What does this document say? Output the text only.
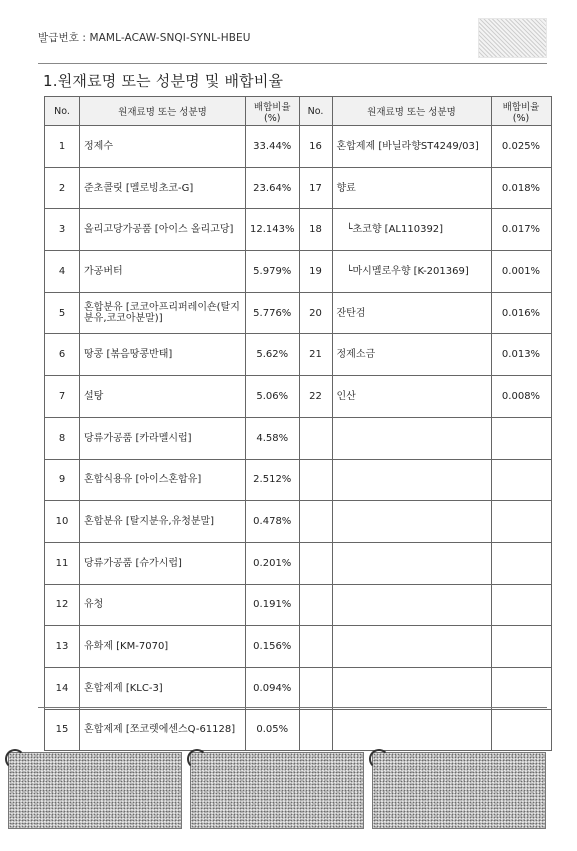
발급번호 : MAML-ACAW-SNQI-SYNL-HBEU
1.원재료명 또는 성분명 및 배합비율
No.	원재료명 또는 성분명	배합비율 (%)	No.	원재료명 또는 성분명	배합비율 (%)
1	정제수	33.44%	16	혼합제제 [바닐라향ST4249/03]	0.025%
2	준초콜릿 [멜로빙초코-G]	23.64%	17	향료	0.018%
3	올리고당가공품 [아이스 올리고당]	12.143%	18	└초코향 [AL110392]	0.017%
4	가공버터	5.979%	19	└마시멜로우향 [K-201369]	0.001%
5	혼합분유 [코코아프리퍼레이숀(탈지분유,코코아분말)]	5.776%	20	잔탄검	0.016%
6	땅콩 [볶음땅콩반태]	5.62%	21	정제소금	0.013%
7	설탕	5.06%	22	인산	0.008%
8	당류가공품 [카라멜시럽]	4.58%			
9	혼합식용유 [아이스혼합유]	2.512%			
10	혼합분유 [탈지분유,유청분말]	0.478%			
11	당류가공품 [슈가시럽]	0.201%			
12	유청	0.191%			
13	유화제 [KM-7070]	0.156%			
14	혼합제제 [KLC-3]	0.094%			
15	혼합제제 [쪼코렛에센스Q-61128]	0.05%			
